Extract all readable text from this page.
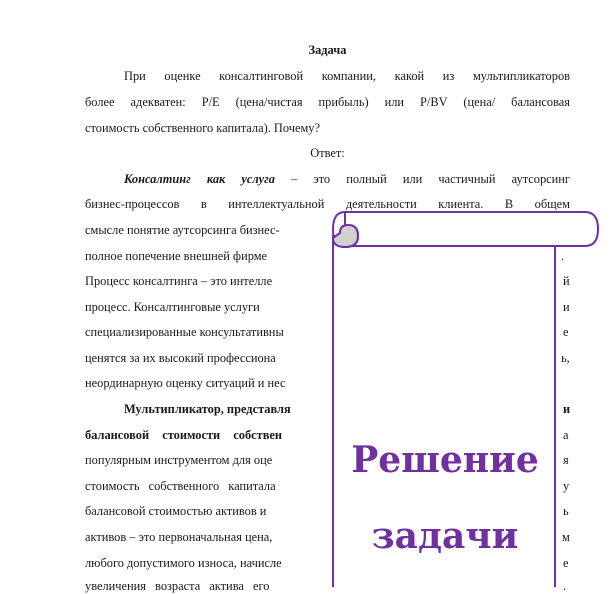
Задача
При оценке консалтинговой компании, какой из мультипликаторов
более адекватен: P/E (цена/чистая прибыль) или P/BV (цена/ балансовая
стоимость собственного капитала). Почему?
Ответ:
Консалтинг как услуга – это полный или частичный аутсорсинг
бизнес-процессов в интеллектуальной деятельности клиента. В общем
смысле понятие аутсорсинга бизнес-
полное попечение внешней фирме
Процесс консалтинга – это интелле
процесс. Консалтинговые услуги
специализированные консультативны
ценятся за их высокий профессиона
неординарную оценку ситуаций и нес
Мультипликатор, представля
балансовой стоимости собствен
популярным инструментом для оце
стоимость собственного капитала
балансовой стоимостью активов и
активов – это первоначальная цена,
любого допустимого износа, начисле
увеличения возраста актива его
.
й
и
е
ь,
и
а
я
у
ь
м
е
.
Решение
задачи
